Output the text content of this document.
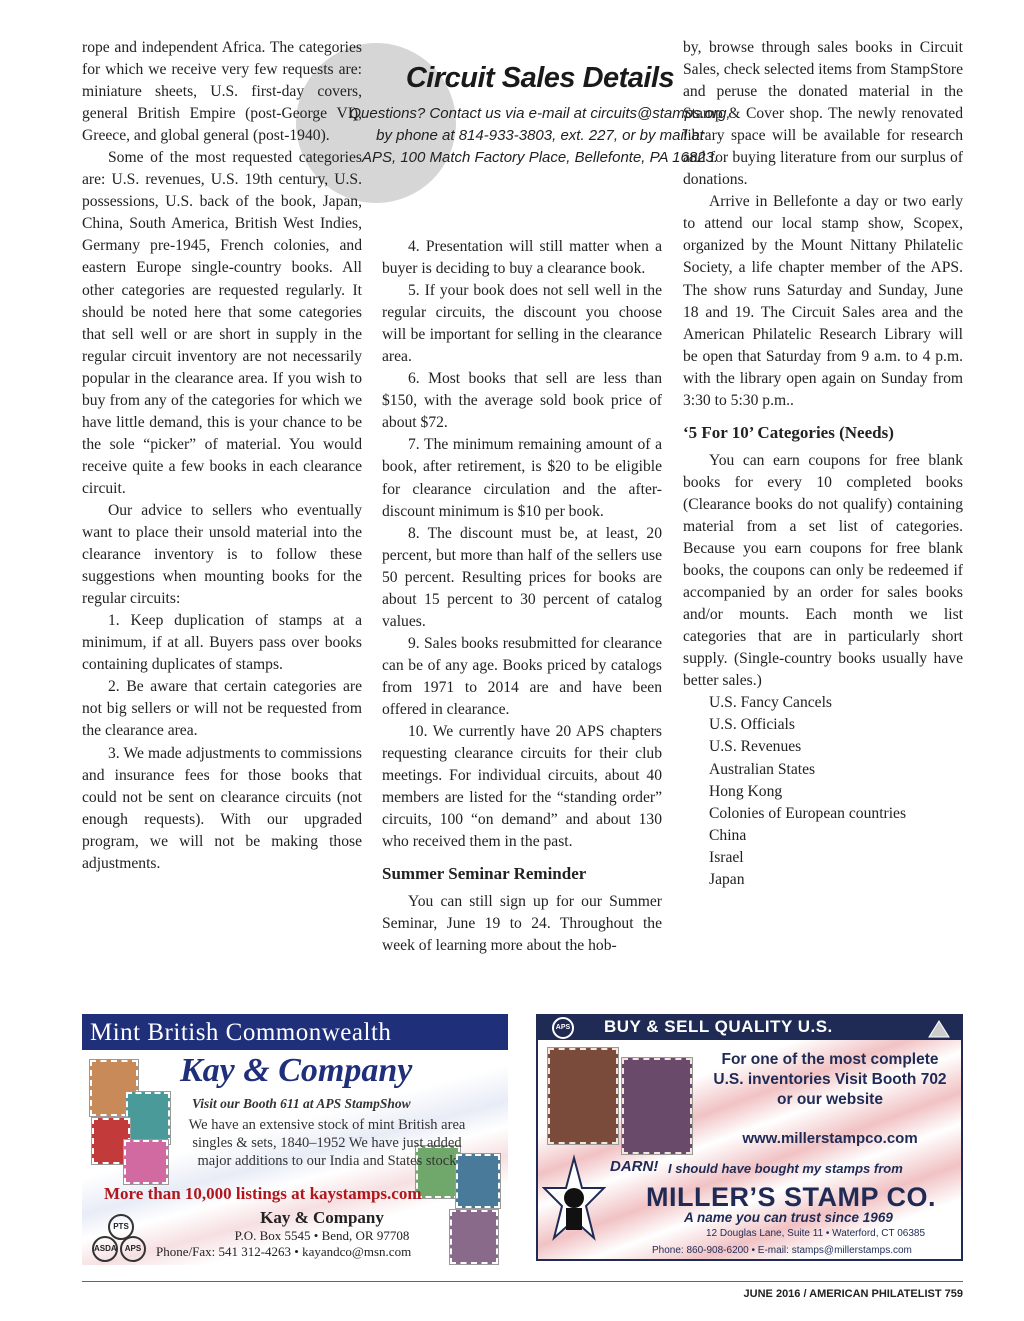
Circuit Sales Details
Questions? Contact us via e-mail at circuits@stamps.org,
by phone at 814-933-3803, ext. 227, or by mail at
APS, 100 Match Factory Place, Bellefonte, PA 16823.

rope and independent Africa. The categories for which we receive very few requests are: miniature sheets, U.S. first-day covers, general British Empire (post-George VI), Greece, and global general (post-1940).

Some of the most requested categories are: U.S. revenues, U.S. 19th century, U.S. possessions, U.S. back of the book, Japan, China, South America, British West Indies, Germany pre-1945, French colonies, and eastern Europe single-country books. All other categories are requested regularly. It should be noted here that some categories that sell well or are short in supply in the regular circuit inventory are not necessarily popular in the clearance area. If you wish to buy from any of the categories for which we have little demand, this is your chance to be the sole “picker” of material. You would receive quite a few books in each clearance circuit.

Our advice to sellers who eventually want to place their unsold material into the clearance inventory is to follow these suggestions when mounting books for the regular circuits:

1. Keep duplication of stamps at a minimum, if at all. Buyers pass over books containing duplicates of stamps.

2. Be aware that certain categories are not big sellers or will not be requested from the clearance area.

3. We made adjustments to commissions and insurance fees for those books that could not be sent on clearance circuits (not enough requests). With our upgraded program, we will not be making those adjustments.

4. Presentation will still matter when a buyer is deciding to buy a clearance book.

5. If your book does not sell well in the regular circuits, the discount you choose will be important for selling in the clearance area.

6. Most books that sell are less than $150, with the average sold book price of about $72.

7. The minimum remaining amount of a book, after retirement, is $20 to be eligible for clearance circulation and the after-discount minimum is $10 per book.

8. The discount must be, at least, 20 percent, but more than half of the sellers use 50 percent. Resulting prices for books are about 15 percent to 30 percent of catalog values.

9. Sales books resubmitted for clearance can be of any age. Books priced by catalogs from 1971 to 2014 are and have been offered in clearance.

10. We currently have 20 APS chapters requesting clearance circuits for their club meetings. For individual circuits, about 40 members are listed for the “standing order” circuits, 100 “on demand” and about 130 who received them in the past.

Summer Seminar Reminder

You can still sign up for our Summer Seminar, June 19 to 24. Throughout the week of learning more about the hob-

by, browse through sales books in Circuit Sales, check selected items from StampStore and peruse the donated material in the Stamp & Cover shop. The newly renovated library space will be available for research and for buying literature from our surplus of donations.

Arrive in Bellefonte a day or two early to attend our local stamp show, Scopex, organized by the Mount Nittany Philatelic Society, a life chapter member of the APS. The show runs Saturday and Sunday, June 18 and 19. The Circuit Sales area and the American Philatelic Research Library will be open that Saturday from 9 a.m. to 4 p.m. with the library open again on Sunday from 3:30 to 5:30 p.m..

‘5 For 10’ Categories (Needs)

You can earn coupons for free blank books for every 10 completed books (Clearance books do not qualify) containing material from a set list of categories. Because you earn coupons for free blank books, the coupons can only be redeemed if accompanied by an order for sales books and/or mounts. Each month we list categories that are in particularly short supply. (Single-country books usually have better sales.)

U.S. Fancy Cancels

U.S. Officials

U.S. Revenues

Australian States

Hong Kong

Colonies of European countries

China

Israel

Japan

Mint British Commonwealth
Kay & Company
Visit our Booth 611 at APS StampShow
We have an extensive stock of mint British area singles & sets, 1840–1952 We have just added major additions to our India and States stock
More than 10,000 listings at kaystamps.com
Kay & Company
P.O. Box 5545 • Bend, OR 97708
Phone/Fax: 541 312-4263 • kayandco@msn.com
PTS
ASDA	APS
APS BUY & SELL QUALITY U.S.
For one of the most complete U.S. inventories Visit Booth 702 or our website
www.millerstampco.com
DARN! I should have bought my stamps from
MILLER’S STAMP CO.
A name you can trust since 1969
12 Douglas Lane, Suite 11 • Waterford, CT 06385
Phone: 860-908-6200 • E-mail: stamps@millerstamps.com
JUNE 2016 / AMERICAN PHILATELIST 759
